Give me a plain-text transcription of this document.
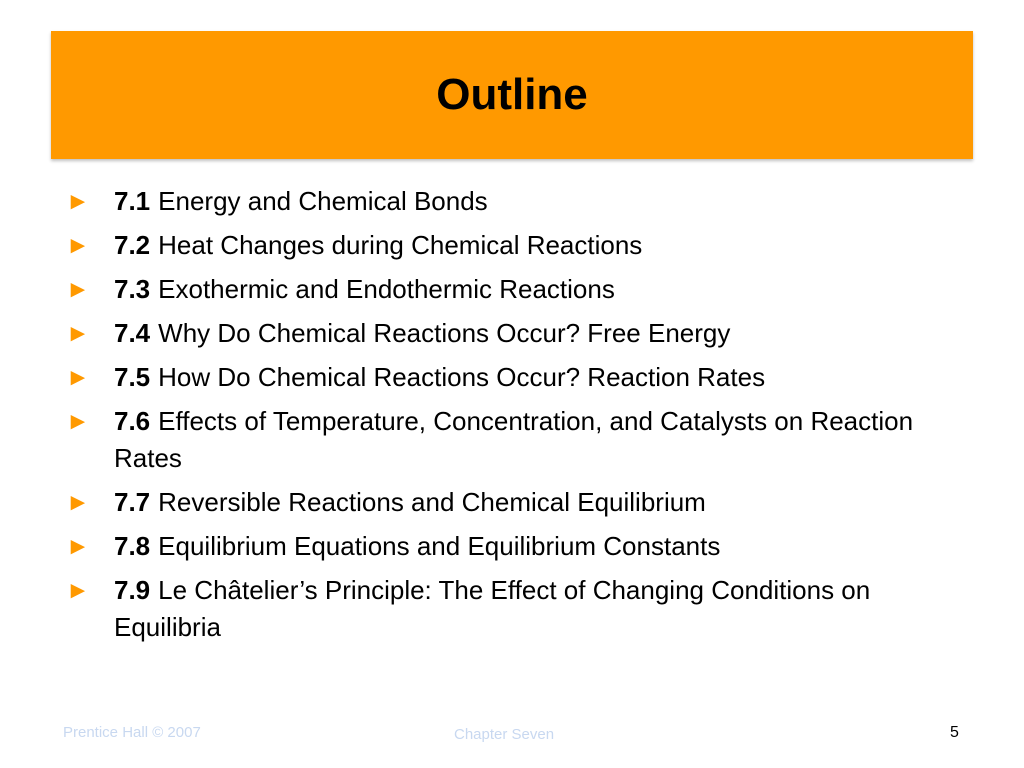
Outline
► 7.1 Energy and Chemical Bonds
► 7.2 Heat Changes during Chemical Reactions
► 7.3 Exothermic and Endothermic Reactions
► 7.4 Why Do Chemical Reactions Occur? Free Energy
► 7.5 How Do Chemical Reactions Occur? Reaction Rates
► 7.6 Effects of Temperature, Concentration, and Catalysts on Reaction Rates
► 7.7 Reversible Reactions and Chemical Equilibrium
► 7.8 Equilibrium Equations and Equilibrium Constants
► 7.9 Le Châtelier’s Principle: The Effect of Changing Conditions on Equilibria
Prentice Hall © 2007	Chapter Seven	5
